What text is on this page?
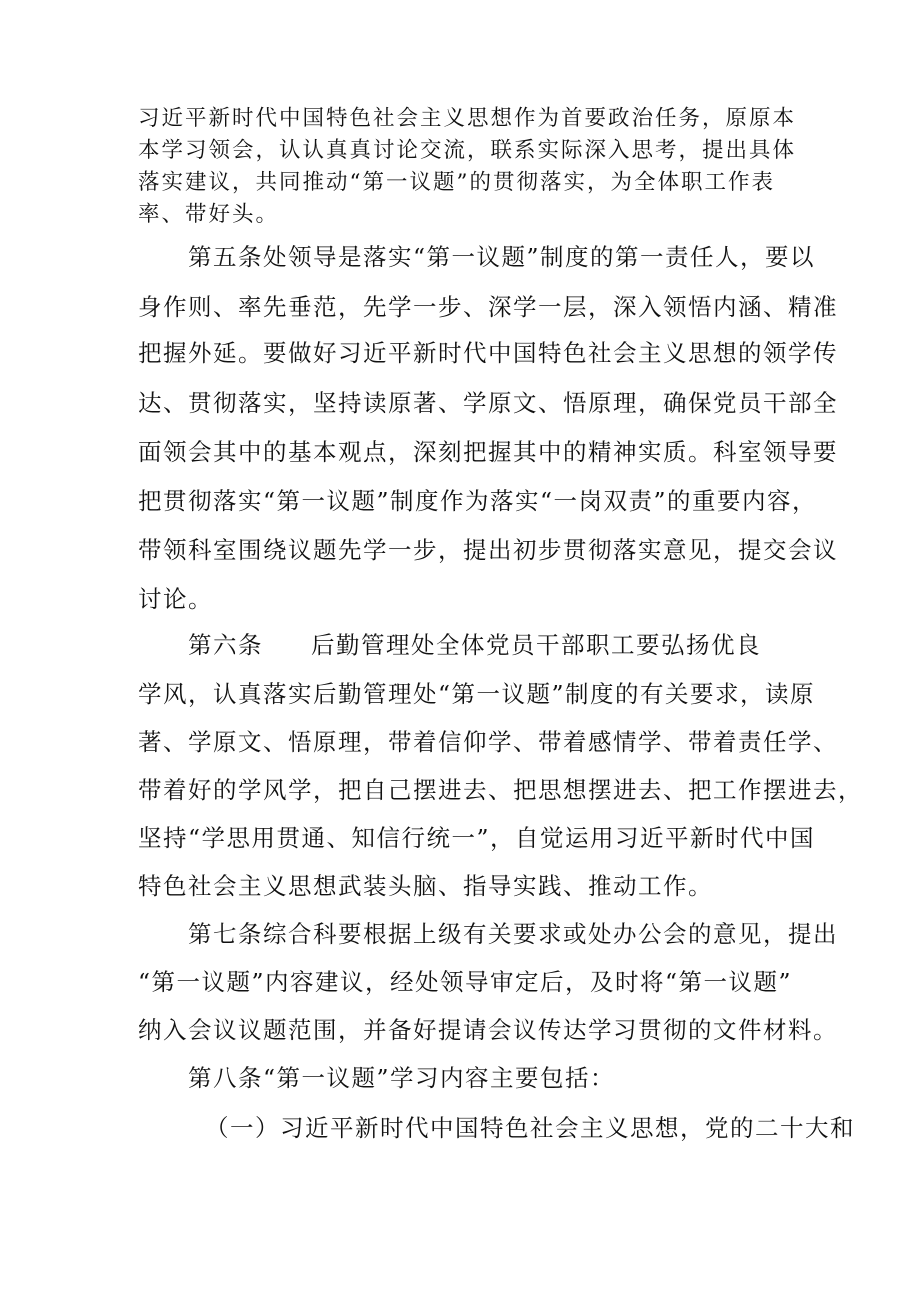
习近平新时代中国特色社会主义思想作为首要政治任务，原原本
本学习领会，认认真真讨论交流，联系实际深入思考，提出具体
落实建议，共同推动“第一议题”的贯彻落实，为全体职工作表
率、带好头。
第五条处领导是落实“第一议题”制度的第一责任人，要以
身作则、率先垂范，先学一步、深学一层，深入领悟内涵、精准
把握外延。要做好习近平新时代中国特色社会主义思想的领学传
达、贯彻落实，坚持读原著、学原文、悟原理，确保党员干部全
面领会其中的基本观点，深刻把握其中的精神实质。科室领导要
把贯彻落实“第一议题”制度作为落实“一岗双责”的重要内容，
带领科室围绕议题先学一步，提出初步贯彻落实意见，提交会议
讨论。
第六条 后勤管理处全体党员干部职工要弘扬优良
学风，认真落实后勤管理处“第一议题”制度的有关要求，读原
著、学原文、悟原理，带着信仰学、带着感情学、带着责任学、
带着好的学风学，把自己摆进去、把思想摆进去、把工作摆进去，
坚持“学思用贯通、知信行统一”，自觉运用习近平新时代中国
特色社会主义思想武装头脑、指导实践、推动工作。
第七条综合科要根据上级有关要求或处办公会的意见，提出
“第一议题”内容建议，经处领导审定后，及时将“第一议题”
纳入会议议题范围，并备好提请会议传达学习贯彻的文件材料。
第八条“第一议题”学习内容主要包括：
（一）习近平新时代中国特色社会主义思想，党的二十大和
